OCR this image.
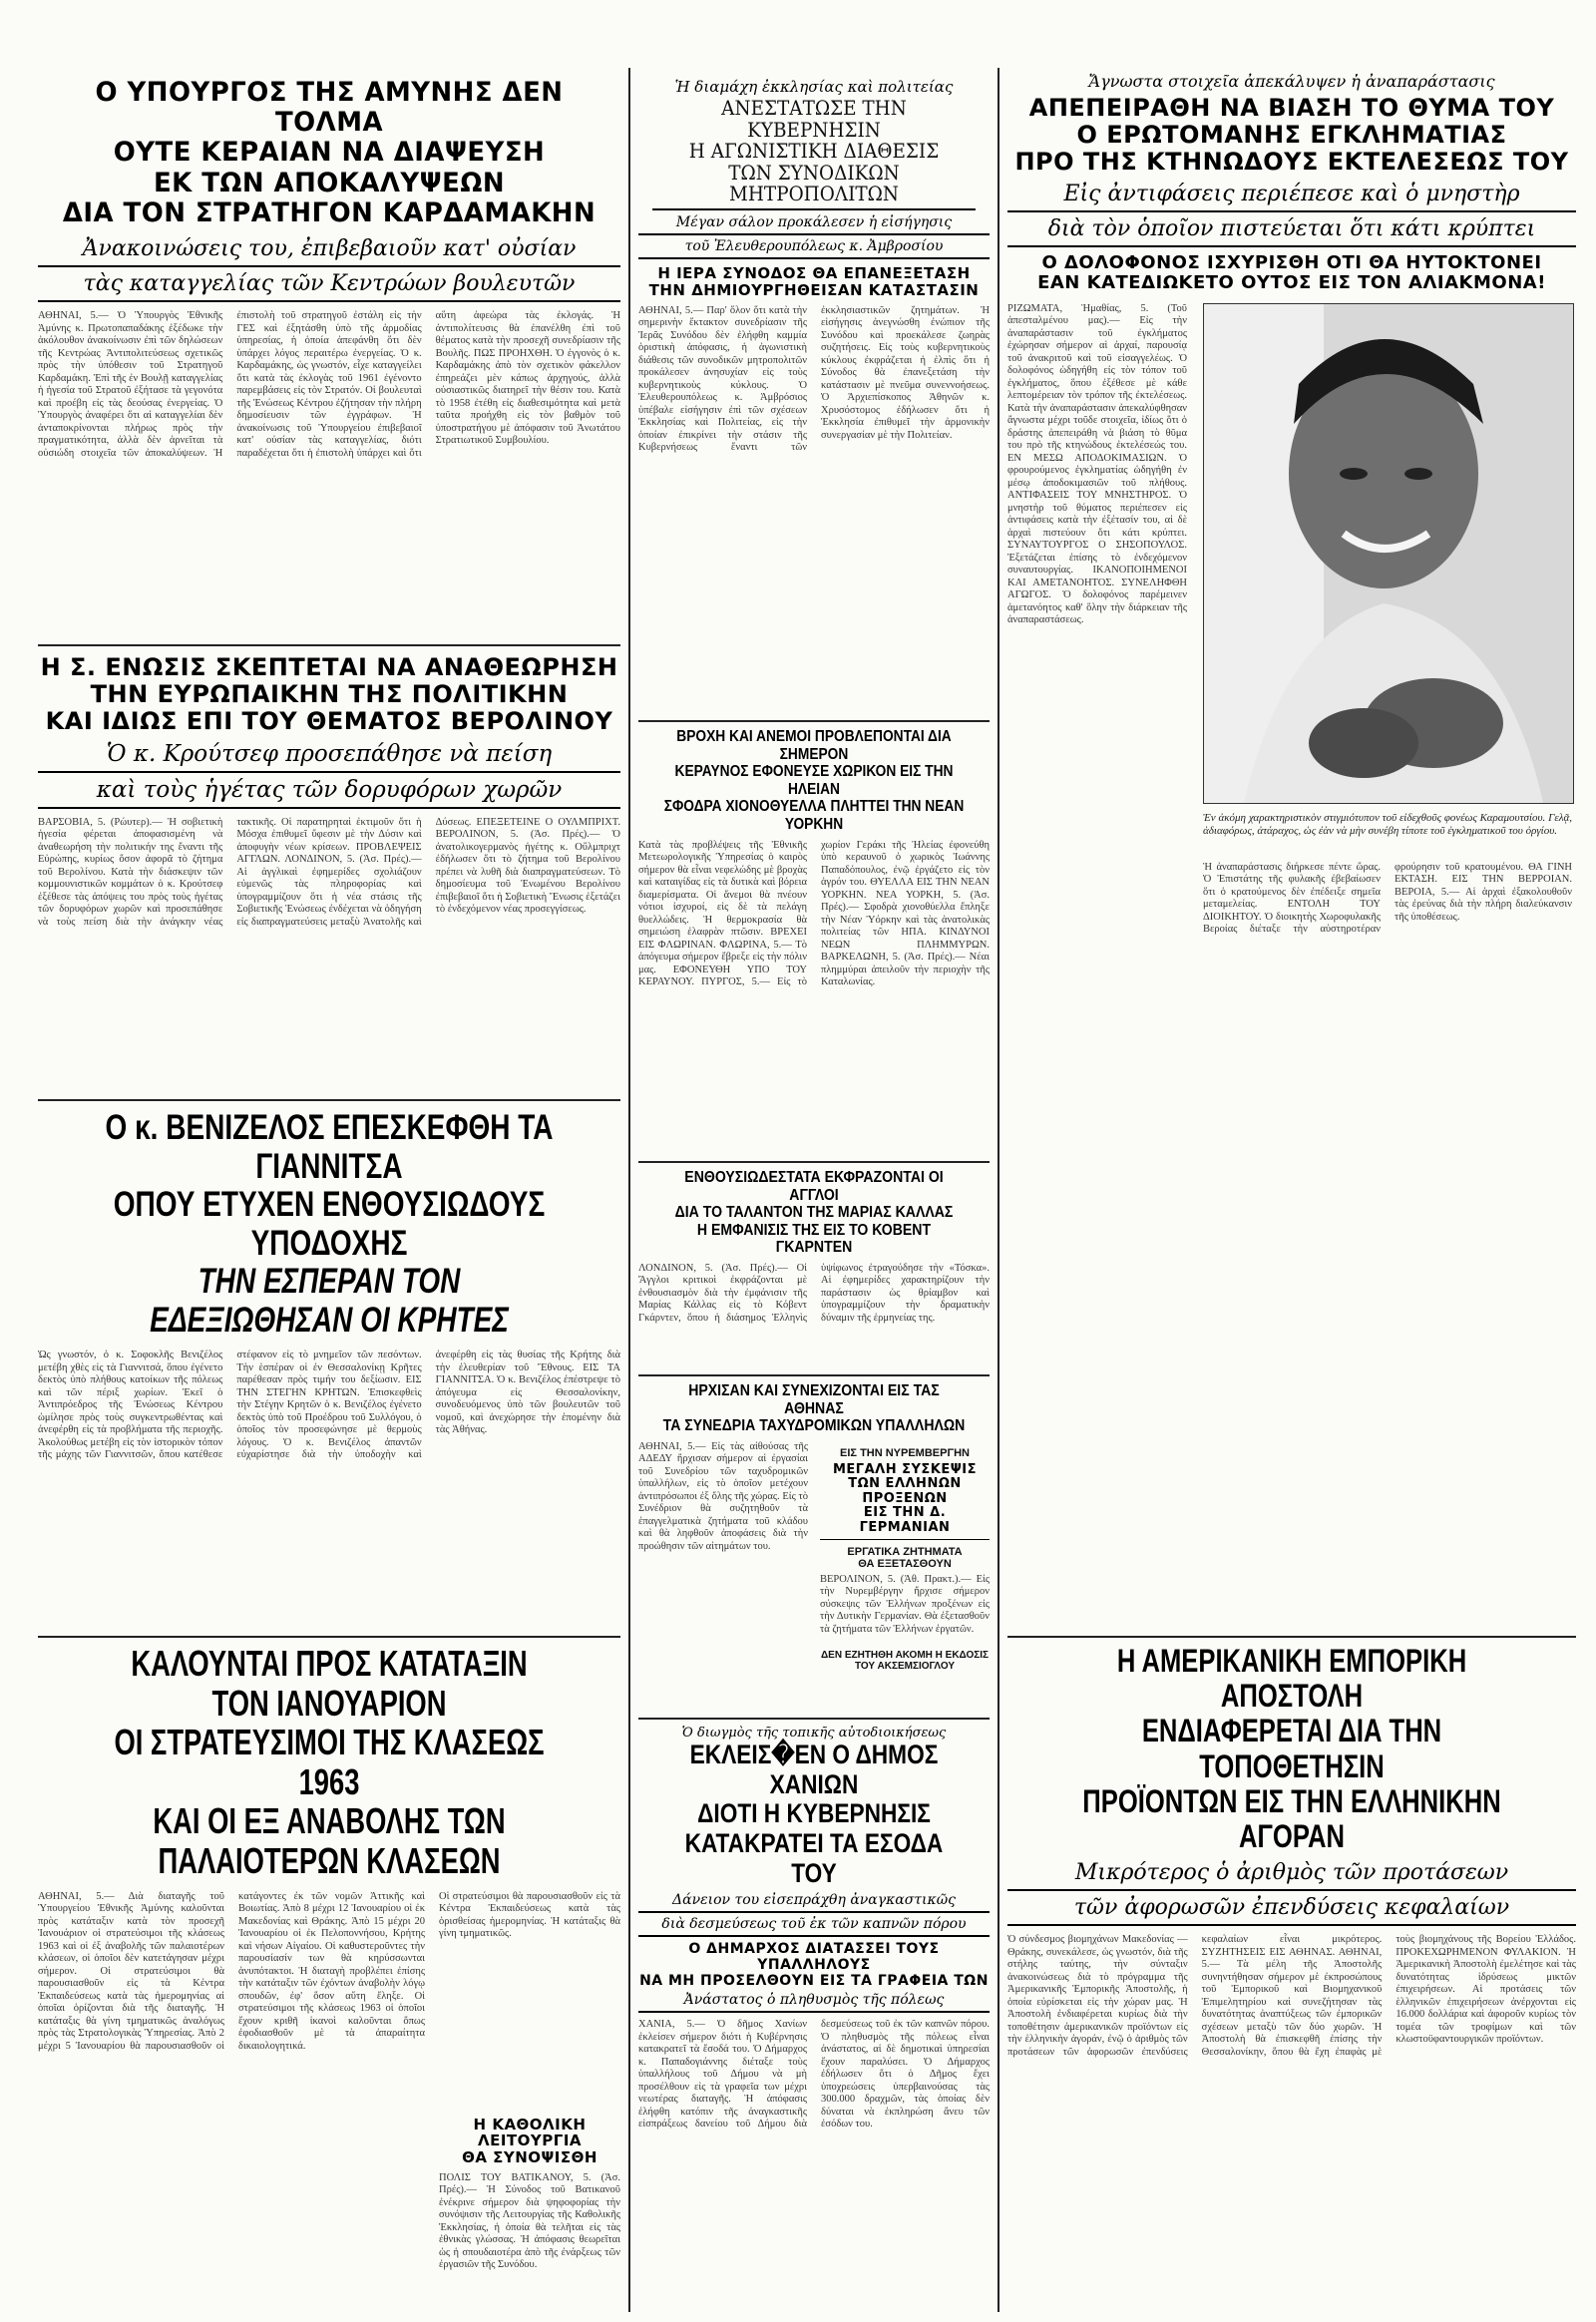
Ο ΥΠΟΥΡΓΟΣ ΤΗΣ ΑΜΥΝΗΣ ΔΕΝ ΤΟΛΜΑ
ΟΥΤΕ ΚΕΡΑΙΑΝ ΝΑ ΔΙΑΨΕΥΣΗ
ΕΚ ΤΩΝ ΑΠΟΚΑΛΥΨΕΩΝ
ΔΙΑ ΤΟΝ ΣΤΡΑΤΗΓΟΝ ΚΑΡΔΑΜΑΚΗΝ
Ἀνακοινώσεις του, ἐπιβεβαιοῦν κατ' οὐσίαν
τὰς καταγγελίας τῶν Κεντρώων βουλευτῶν
ΑΘΗΝΑΙ, 5.— Ὁ Ὑπουργὸς Ἐθνικῆς Ἀμύνης κ. Πρωτοπαπαδάκης ἐξέδωκε τὴν ἀκόλουθον ἀνακοίνωσιν ἐπὶ τῶν δηλώσεων τῆς Κεντρώας Ἀντιπολιτεύσεως σχετικῶς πρὸς τὴν ὑπόθεσιν τοῦ Στρατηγοῦ Καρδαμάκη. Ἐπὶ τῆς ἐν Βουλῇ καταγγελίας ἡ ἡγεσία τοῦ Στρατοῦ ἐξήτασε τὰ γεγονότα καὶ προέβη εἰς τὰς δεούσας ἐνεργείας. Ὁ Ὑπουργὸς ἀναφέρει ὅτι αἱ καταγγελίαι δὲν ἀνταποκρίνονται πλήρως πρὸς τὴν πραγματικότητα, ἀλλὰ δὲν ἀρνεῖται τὰ οὐσιώδη στοιχεῖα τῶν ἀποκαλύψεων. Ἡ ἐπιστολὴ τοῦ στρατηγοῦ ἐστάλη εἰς τὴν ΓΕΣ καὶ ἐξητάσθη ὑπὸ τῆς ἁρμοδίας ὑπηρεσίας, ἡ ὁποία ἀπεφάνθη ὅτι δὲν ὑπάρχει λόγος περαιτέρω ἐνεργείας. Ὁ κ. Καρδαμάκης, ὡς γνωστόν, εἶχε καταγγείλει ὅτι κατὰ τὰς ἐκλογὰς τοῦ 1961 ἐγένοντο παρεμβάσεις εἰς τὸν Στρατόν. Οἱ βουλευταὶ τῆς Ἐνώσεως Κέντρου ἐζήτησαν τὴν πλήρη δημοσίευσιν τῶν ἐγγράφων. Ἡ ἀνακοίνωσις τοῦ Ὑπουργείου ἐπιβεβαιοῖ κατ' οὐσίαν τὰς καταγγελίας, διότι παραδέχεται ὅτι ἡ ἐπιστολὴ ὑπάρχει καὶ ὅτι αὕτη ἀφεώρα τὰς ἐκλογάς. Ἡ ἀντιπολίτευσις θὰ ἐπανέλθη ἐπὶ τοῦ θέματος κατὰ τὴν προσεχῆ συνεδρίασιν τῆς Βουλῆς. ΠΩΣ ΠΡΟΗΧΘΗ. Ὁ ἐγγονὸς ὁ κ. Καρδαμάκης ἀπὸ τὸν σχετικὸν φάκελλον ἐπηρεάζει μὲν κάπως ἀρχηγούς, ἀλλὰ οὐσιαστικῶς διατηρεῖ τὴν θέσιν του. Κατὰ τὸ 1958 ἐτέθη εἰς διαθεσιμότητα καὶ μετὰ ταῦτα προήχθη εἰς τὸν βαθμὸν τοῦ ὑποστρατήγου μὲ ἀπόφασιν τοῦ Ἀνωτάτου Στρατιωτικοῦ Συμβουλίου.
Η Σ. ΕΝΩΣΙΣ ΣΚΕΠΤΕΤΑΙ ΝΑ ΑΝΑΘΕΩΡΗΣΗ
ΤΗΝ ΕΥΡΩΠΑΙΚΗΝ ΤΗΣ ΠΟΛΙΤΙΚΗΝ
ΚΑΙ ΙΔΙΩΣ ΕΠΙ ΤΟΥ ΘΕΜΑΤΟΣ ΒΕΡΟΛΙΝΟΥ
Ὁ κ. Κρούτσεφ προσεπάθησε νὰ πείση
καὶ τοὺς ἡγέτας τῶν δορυφόρων χωρῶν
ΒΑΡΣΟΒΙΑ, 5. (Ρώυτερ).— Ἡ σοβιετικὴ ἡγεσία φέρεται ἀποφασισμένη νὰ ἀναθεωρήση τὴν πολιτικήν της ἔναντι τῆς Εὐρώπης, κυρίως ὅσον ἀφορᾶ τὸ ζήτημα τοῦ Βερολίνου. Κατὰ τὴν διάσκεψιν τῶν κομμουνιστικῶν κομμάτων ὁ κ. Κρούτσεφ ἐξέθεσε τὰς ἀπόψεις του πρὸς τοὺς ἡγέτας τῶν δορυφόρων χωρῶν καὶ προσεπάθησε νὰ τοὺς πείση διὰ τὴν ἀνάγκην νέας τακτικῆς. Οἱ παρατηρηταὶ ἐκτιμοῦν ὅτι ἡ Μόσχα ἐπιθυμεῖ ὕφεσιν μὲ τὴν Δύσιν καὶ ἀποφυγὴν νέων κρίσεων. ΠΡΟΒΛΕΨΕΙΣ ΑΓΓΛΩΝ. ΛΟΝΔΙΝΟΝ, 5. (Ἀσ. Πρές).— Αἱ ἀγγλικαὶ ἐφημερίδες σχολιάζουν εὐμενῶς τὰς πληροφορίας καὶ ὑπογραμμίζουν ὅτι ἡ νέα στάσις τῆς Σοβιετικῆς Ἑνώσεως ἐνδέχεται νὰ ὁδηγήση εἰς διαπραγματεύσεις μεταξὺ Ἀνατολῆς καὶ Δύσεως. ΕΠΕΞΕΤΕΙΝΕ Ο ΟΥΛΜΠΡΙΧΤ. ΒΕΡΟΛΙΝΟΝ, 5. (Ἀσ. Πρές).— Ὁ ἀνατολικογερμανὸς ἡγέτης κ. Οὔλμπριχτ ἐδήλωσεν ὅτι τὸ ζήτημα τοῦ Βερολίνου πρέπει νὰ λυθῆ διὰ διαπραγματεύσεων. Τὸ δημοσίευμα τοῦ Ἐνωμένου Βερολίνου ἐπιβεβαιοῖ ὅτι ἡ Σοβιετικὴ Ἕνωσις ἐξετάζει τὸ ἐνδεχόμενον νέας προσεγγίσεως.
Ο κ. ΒΕΝΙΖΕΛΟΣ ΕΠΕΣΚΕΦΘΗ ΤΑ ΓΙΑΝΝΙΤΣΑ
ΟΠΟΥ ΕΤΥΧΕΝ ΕΝΘΟΥΣΙΩΔΟΥΣ ΥΠΟΔΟΧΗΣ
ΤΗΝ ΕΣΠΕΡΑΝ ΤΟΝ ΕΔΕΞΙΩΘΗΣΑΝ ΟΙ ΚΡΗΤΕΣ
Ὡς γνωστόν, ὁ κ. Σοφοκλῆς Βενιζέλος μετέβη χθὲς εἰς τὰ Γιαννιτσά, ὅπου ἐγένετο δεκτὸς ὑπὸ πλήθους κατοίκων τῆς πόλεως καὶ τῶν πέριξ χωρίων. Ἐκεῖ ὁ Ἀντιπρόεδρος τῆς Ἐνώσεως Κέντρου ὡμίλησε πρὸς τοὺς συγκεντρωθέντας καὶ ἀνεφέρθη εἰς τὰ προβλήματα τῆς περιοχῆς. Ἀκολούθως μετέβη εἰς τὸν ἱστορικὸν τόπον τῆς μάχης τῶν Γιαννιτσῶν, ὅπου κατέθεσε στέφανον εἰς τὸ μνημεῖον τῶν πεσόντων. Τὴν ἑσπέραν οἱ ἐν Θεσσαλονίκῃ Κρῆτες παρέθεσαν πρὸς τιμήν του δεξίωσιν. ΕΙΣ ΤΗΝ ΣΤΕΓΗΝ ΚΡΗΤΩΝ. Ἐπισκεφθεὶς τὴν Στέγην Κρητῶν ὁ κ. Βενιζέλος ἐγένετο δεκτὸς ὑπὸ τοῦ Προέδρου τοῦ Συλλόγου, ὁ ὁποῖος τὸν προσεφώνησε μὲ θερμοὺς λόγους. Ὁ κ. Βενιζέλος ἀπαντῶν εὐχαρίστησε διὰ τὴν ὑποδοχὴν καὶ ἀνεφέρθη εἰς τὰς θυσίας τῆς Κρήτης διὰ τὴν ἐλευθερίαν τοῦ Ἔθνους. ΕΙΣ ΤΑ ΓΙΑΝΝΙΤΣΑ. Ὁ κ. Βενιζέλος ἐπέστρεψε τὸ ἀπόγευμα εἰς Θεσσαλονίκην, συνοδευόμενος ὑπὸ τῶν βουλευτῶν τοῦ νομοῦ, καὶ ἀνεχώρησε τὴν ἑπομένην διὰ τὰς Ἀθήνας.
ΚΑΛΟΥΝΤΑΙ ΠΡΟΣ ΚΑΤΑΤΑΞΙΝ ΤΟΝ ΙΑΝΟΥΑΡΙΟΝ
ΟΙ ΣΤΡΑΤΕΥΣΙΜΟΙ ΤΗΣ ΚΛΑΣΕΩΣ 1963
ΚΑΙ ΟΙ ΕΞ ΑΝΑΒΟΛΗΣ ΤΩΝ ΠΑΛΑΙΟΤΕΡΩΝ ΚΛΑΣΕΩΝ
ΑΘΗΝΑΙ, 5.— Διὰ διαταγῆς τοῦ Ὑπουργείου Ἐθνικῆς Ἀμύνης καλοῦνται πρὸς κατάταξιν κατὰ τὸν προσεχῆ Ἰανουάριον οἱ στρατεύσιμοι τῆς κλάσεως 1963 καὶ οἱ ἐξ ἀναβολῆς τῶν παλαιοτέρων κλάσεων, οἱ ὁποῖοι δὲν κατετάγησαν μέχρι σήμερον. Οἱ στρατεύσιμοι θὰ παρουσιασθοῦν εἰς τὰ Κέντρα Ἐκπαιδεύσεως κατὰ τὰς ἡμερομηνίας αἱ ὁποῖαι ὁρίζονται διὰ τῆς διαταγῆς. Ἡ κατάταξις θὰ γίνη τμηματικῶς ἀναλόγως πρὸς τὰς Στρατολογικὰς Ὑπηρεσίας. Ἀπὸ 2 μέχρι 5 Ἰανουαρίου θὰ παρουσιασθοῦν οἱ κατάγοντες ἐκ τῶν νομῶν Ἀττικῆς καὶ Βοιωτίας. Ἀπὸ 8 μέχρι 12 Ἰανουαρίου οἱ ἐκ Μακεδονίας καὶ Θράκης. Ἀπὸ 15 μέχρι 20 Ἰανουαρίου οἱ ἐκ Πελοποννήσου, Κρήτης καὶ νήσων Αἰγαίου. Οἱ καθυστεροῦντες τὴν παρουσίασίν των θὰ κηρύσσωνται ἀνυπότακτοι. Ἡ διαταγὴ προβλέπει ἐπίσης τὴν κατάταξιν τῶν ἐχόντων ἀναβολὴν λόγῳ σπουδῶν, ἐφ' ὅσον αὕτη ἔληξε. Οἱ στρατεύσιμοι τῆς κλάσεως 1963 οἱ ὁποῖοι ἔχουν κριθῆ ἱκανοὶ καλοῦνται ὅπως ἐφοδιασθοῦν μὲ τὰ ἀπαραίτητα δικαιολογητικά.
Οἱ στρατεύσιμοι θὰ παρουσιασθοῦν εἰς τὰ Κέντρα Ἐκπαιδεύσεως κατὰ τὰς ὁρισθείσας ἡμερομηνίας. Ἡ κατάταξις θὰ γίνη τμηματικῶς.
Η ΚΑΘΟΛΙΚΗ
ΛΕΙΤΟΥΡΓΙΑ
ΘΑ ΣΥΝΟΨΙΣΘΗ
ΠΟΛΙΣ ΤΟΥ ΒΑΤΙΚΑΝΟΥ, 5. (Ἀσ. Πρές).— Ἡ Σύνοδος τοῦ Βατικανοῦ ἐνέκρινε σήμερον διὰ ψηφοφορίας τὴν συνόψισιν τῆς Λειτουργίας τῆς Καθολικῆς Ἐκκλησίας, ἡ ὁποία θὰ τελῆται εἰς τὰς ἐθνικὰς γλώσσας. Ἡ ἀπόφασις θεωρεῖται ὡς ἡ σπουδαιοτέρα ἀπὸ τῆς ἐνάρξεως τῶν ἐργασιῶν τῆς Συνόδου.
Ἡ διαμάχη ἐκκλησίας καὶ πολιτείας
ΑΝΕΣΤΑΤΩΣΕ ΤΗΝ ΚΥΒΕΡΝΗΣΙΝ
Η ΑΓΩΝΙΣΤΙΚΗ ΔΙΑΘΕΣΙΣ
ΤΩΝ ΣΥΝΟΔΙΚΩΝ ΜΗΤΡΟΠΟΛΙΤΩΝ
Μέγαν σάλον προκάλεσεν ἡ εἰσήγησις
τοῦ Ἐλευθερουπόλεως κ. Ἀμβροσίου
Η ΙΕΡΑ ΣΥΝΟΔΟΣ ΘΑ ΕΠΑΝΕΞΕΤΑΣΗ
ΤΗΝ ΔΗΜΙΟΥΡΓΗΘΕΙΣΑΝ ΚΑΤΑΣΤΑΣΙΝ
ΑΘΗΝΑΙ, 5.— Παρ' ὅλον ὅτι κατὰ τὴν σημερινὴν ἔκτακτον συνεδρίασιν τῆς Ἱερᾶς Συνόδου δὲν ἐλήφθη καμμία ὁριστικὴ ἀπόφασις, ἡ ἀγωνιστικὴ διάθεσις τῶν συνοδικῶν μητροπολιτῶν προκάλεσεν ἀνησυχίαν εἰς τοὺς κυβερνητικοὺς κύκλους. Ὁ Ἐλευθερουπόλεως κ. Ἀμβρόσιος ὑπέβαλε εἰσήγησιν ἐπὶ τῶν σχέσεων Ἐκκλησίας καὶ Πολιτείας, εἰς τὴν ὁποίαν ἐπικρίνει τὴν στάσιν τῆς Κυβερνήσεως ἔναντι τῶν ἐκκλησιαστικῶν ζητημάτων. Ἡ εἰσήγησις ἀνεγνώσθη ἐνώπιον τῆς Συνόδου καὶ προεκάλεσε ζωηρὰς συζητήσεις. Εἰς τοὺς κυβερνητικοὺς κύκλους ἐκφράζεται ἡ ἐλπὶς ὅτι ἡ Σύνοδος θὰ ἐπανεξετάση τὴν κατάστασιν μὲ πνεῦμα συνεννοήσεως. Ὁ Ἀρχιεπίσκοπος Ἀθηνῶν κ. Χρυσόστομος ἐδήλωσεν ὅτι ἡ Ἐκκλησία ἐπιθυμεῖ τὴν ἀρμονικὴν συνεργασίαν μὲ τὴν Πολιτείαν.
ΒΡΟΧΗ ΚΑΙ ΑΝΕΜΟΙ ΠΡΟΒΛΕΠΟΝΤΑΙ ΔΙΑ ΣΗΜΕΡΟΝ
ΚΕΡΑΥΝΟΣ ΕΦΟΝΕΥΣΕ ΧΩΡΙΚΟΝ ΕΙΣ ΤΗΝ ΗΛΕΙΑΝ
ΣΦΟΔΡΑ ΧΙΟΝΟΘΥΕΛΛΑ ΠΛΗΤΤΕΙ ΤΗΝ ΝΕΑΝ ΥΟΡΚΗΝ
Κατὰ τὰς προβλέψεις τῆς Ἐθνικῆς Μετεωρολογικῆς Ὑπηρεσίας ὁ καιρὸς σήμερον θὰ εἶναι νεφελώδης μὲ βροχὰς καὶ καταιγίδας εἰς τὰ δυτικὰ καὶ βόρεια διαμερίσματα. Οἱ ἄνεμοι θὰ πνέουν νότιοι ἰσχυροί, εἰς δὲ τὰ πελάγη θυελλώδεις. Ἡ θερμοκρασία θὰ σημειώση ἐλαφρὰν πτῶσιν. ΒΡΕΧΕΙ ΕΙΣ ΦΛΩΡΙΝΑΝ. ΦΛΩΡΙΝΑ, 5.— Τὸ ἀπόγευμα σήμερον ἔβρεξε εἰς τὴν πόλιν μας. ΕΦΟΝΕΥΘΗ ΥΠΟ ΤΟΥ ΚΕΡΑΥΝΟΥ. ΠΥΡΓΟΣ, 5.— Εἰς τὸ χωρίον Γεράκι τῆς Ἠλείας ἐφονεύθη ὑπὸ κεραυνοῦ ὁ χωρικὸς Ἰωάννης Παπαδόπουλος, ἐνῷ ἐργάζετο εἰς τὸν ἀγρόν του. ΘΥΕΛΛΑ ΕΙΣ ΤΗΝ ΝΕΑΝ ΥΟΡΚΗΝ. ΝΕΑ ΥΟΡΚΗ, 5. (Ἀσ. Πρές).— Σφοδρὰ χιονοθύελλα ἔπληξε τὴν Νέαν Ὑόρκην καὶ τὰς ἀνατολικὰς πολιτείας τῶν ΗΠΑ. ΚΙΝΔΥΝΟΙ ΝΕΩΝ ΠΛΗΜΜΥΡΩΝ. ΒΑΡΚΕΛΩΝΗ, 5. (Ἀσ. Πρές).— Νέαι πλημμύραι ἀπειλοῦν τὴν περιοχὴν τῆς Καταλωνίας.
ΕΝΘΟΥΣΙΩΔΕΣΤΑΤΑ ΕΚΦΡΑΖΟΝΤΑΙ ΟΙ ΑΓΓΛΟΙ
ΔΙΑ ΤΟ ΤΑΛΑΝΤΟΝ ΤΗΣ ΜΑΡΙΑΣ ΚΑΛΛΑΣ
Η ΕΜΦΑΝΙΣΙΣ ΤΗΣ ΕΙΣ ΤΟ ΚΟΒΕΝΤ ΓΚΑΡΝΤΕΝ
ΛΟΝΔΙΝΟΝ, 5. (Ἀσ. Πρές).— Οἱ Ἄγγλοι κριτικοὶ ἐκφράζονται μὲ ἐνθουσιασμὸν διὰ τὴν ἐμφάνισιν τῆς Μαρίας Κάλλας εἰς τὸ Κόβεντ Γκάρντεν, ὅπου ἡ διάσημος Ἑλληνὶς ὑψίφωνος ἐτραγούδησε τὴν «Τόσκα». Αἱ ἐφημερίδες χαρακτηρίζουν τὴν παράστασιν ὡς θρίαμβον καὶ ὑπογραμμίζουν τὴν δραματικὴν δύναμιν τῆς ἑρμηνείας της.
ΗΡΧΙΣΑΝ ΚΑΙ ΣΥΝΕΧΙΖΟΝΤΑΙ ΕΙΣ ΤΑΣ ΑΘΗΝΑΣ
ΤΑ ΣΥΝΕΔΡΙΑ ΤΑΧΥΔΡΟΜΙΚΩΝ ΥΠΑΛΛΗΛΩΝ
ΑΘΗΝΑΙ, 5.— Εἰς τὰς αἰθούσας τῆς ΑΔΕΔΥ ἤρχισαν σήμερον αἱ ἐργασίαι τοῦ Συνεδρίου τῶν ταχυδρομικῶν ὑπαλλήλων, εἰς τὸ ὁποῖον μετέχουν ἀντιπρόσωποι ἐξ ὅλης τῆς χώρας. Εἰς τὸ Συνέδριον θὰ συζητηθοῦν τὰ ἐπαγγελματικὰ ζητήματα τοῦ κλάδου καὶ θὰ ληφθοῦν ἀποφάσεις διὰ τὴν προώθησιν τῶν αἰτημάτων του.
ΕΙΣ ΤΗΝ ΝΥΡΕΜΒΕΡΓΗΝ
ΜΕΓΑΛΗ ΣΥΣΚΕΨΙΣ
ΤΩΝ ΕΛΛΗΝΩΝ
ΠΡΟΞΕΝΩΝ
ΕΙΣ ΤΗΝ Δ. ΓΕΡΜΑΝΙΑΝ
ΕΡΓΑΤΙΚΑ ΖΗΤΗΜΑΤΑ
ΘΑ ΕΞΕΤΑΣΘΟΥΝ
ΒΕΡΟΛΙΝΟΝ, 5. (Ἀθ. Πρακτ.).— Εἰς τὴν Νυρεμβέργην ἤρχισε σήμερον σύσκεψις τῶν Ἑλλήνων προξένων εἰς τὴν Δυτικὴν Γερμανίαν. Θὰ ἐξετασθοῦν τὰ ζητήματα τῶν Ἑλλήνων ἐργατῶν.
ΔΕΝ ΕΖΗΤΗΘΗ ΑΚΟΜΗ Η ΕΚΔΟΣΙΣ ΤΟΥ ΑΚΣΕΜΣΙΟΓΛΟΥ
Ὁ διωγμὸς τῆς τοπικῆς αὐτοδιοικήσεως
ΕΚΛΕΙΣ�ΕΝ Ο ΔΗΜΟΣ ΧΑΝΙΩΝ
ΔΙΟΤΙ Η ΚΥΒΕΡΝΗΣΙΣ
ΚΑΤΑΚΡΑΤΕΙ ΤΑ ΕΣΟΔΑ ΤΟΥ
Δάνειον του εἰσεπράχθη ἀναγκαστικῶς
διὰ δεσμεύσεως τοῦ ἐκ τῶν καπνῶν πόρου
Ο ΔΗΜΑΡΧΟΣ ΔΙΑΤΑΣΣΕΙ ΤΟΥΣ ΥΠΑΛΛΗΛΟΥΣ
ΝΑ ΜΗ ΠΡΟΣΕΛΘΟΥΝ ΕΙΣ ΤΑ ΓΡΑΦΕΙΑ ΤΩΝ
Ἀνάστατος ὁ πληθυσμὸς τῆς πόλεως
ΧΑΝΙΑ, 5.— Ὁ δῆμος Χανίων ἐκλείσεν σήμερον διότι ἡ Κυβέρνησις κατακρατεῖ τὰ ἔσοδά του. Ὁ Δήμαρχος κ. Παπαδογιάννης διέταξε τοὺς ὑπαλλήλους τοῦ Δήμου νὰ μὴ προσέλθουν εἰς τὰ γραφεῖα των μέχρι νεωτέρας διαταγῆς. Ἡ ἀπόφασις ἐλήφθη κατόπιν τῆς ἀναγκαστικῆς εἰσπράξεως δανείου τοῦ Δήμου διὰ δεσμεύσεως τοῦ ἐκ τῶν καπνῶν πόρου. Ὁ πληθυσμὸς τῆς πόλεως εἶναι ἀνάστατος, αἱ δὲ δημοτικαὶ ὑπηρεσίαι ἔχουν παραλύσει. Ὁ Δήμαρχος ἐδήλωσεν ὅτι ὁ Δῆμος ἔχει ὑποχρεώσεις ὑπερβαινούσας τὰς 300.000 δραχμῶν, τὰς ὁποίας δὲν δύναται νὰ ἐκπληρώση ἄνευ τῶν ἐσόδων του.
Ἄγνωστα στοιχεῖα ἀπεκάλυψεν ἡ ἀναπαράστασις
ΑΠΕΠΕΙΡΑΘΗ ΝΑ ΒΙΑΣΗ ΤΟ ΘΥΜΑ ΤΟΥ
Ο ΕΡΩΤΟΜΑΝΗΣ ΕΓΚΛΗΜΑΤΙΑΣ
ΠΡΟ ΤΗΣ ΚΤΗΝΩΔΟΥΣ ΕΚΤΕΛΕΣΕΩΣ ΤΟΥ
Εἰς ἀντιφάσεις περιέπεσε καὶ ὁ μνηστὴρ
διὰ τὸν ὁποῖον πιστεύεται ὅτι κάτι κρύπτει
Ο ΔΟΛΟΦΟΝΟΣ ΙΣΧΥΡΙΣΘΗ ΟΤΙ ΘΑ ΗΥΤΟΚΤΟΝΕΙ
ΕΑΝ ΚΑΤΕΔΙΩΚΕΤΟ ΟΥΤΟΣ ΕΙΣ ΤΟΝ ΑΛΙΑΚΜΟΝΑ!
ΡΙΖΩΜΑΤΑ, Ἡμαθίας, 5. (Τοῦ ἀπεσταλμένου μας).— Εἰς τὴν ἀναπαράστασιν τοῦ ἐγκλήματος ἐχώρησαν σήμερον αἱ ἀρχαί, παρουσίᾳ τοῦ ἀνακριτοῦ καὶ τοῦ εἰσαγγελέως. Ὁ δολοφόνος ὡδηγήθη εἰς τὸν τόπον τοῦ ἐγκλήματος, ὅπου ἐξέθεσε μὲ κάθε λεπτομέρειαν τὸν τρόπον τῆς ἐκτελέσεως. Κατὰ τὴν ἀναπαράστασιν ἀπεκαλύφθησαν ἄγνωστα μέχρι τοῦδε στοιχεῖα, ἰδίως ὅτι ὁ δράστης ἀπεπειράθη νὰ βιάση τὸ θῦμα του πρὸ τῆς κτηνώδους ἐκτελέσεώς του. ΕΝ ΜΕΣΩ ΑΠΟΔΟΚΙΜΑΣΙΩΝ. Ὁ φρουρούμενος ἐγκληματίας ὡδηγήθη ἐν μέσῳ ἀποδοκιμασιῶν τοῦ πλήθους. ΑΝΤΙΦΑΣΕΙΣ ΤΟΥ ΜΝΗΣΤΗΡΟΣ. Ὁ μνηστὴρ τοῦ θύματος περιέπεσεν εἰς ἀντιφάσεις κατὰ τὴν ἐξέτασίν του, αἱ δὲ ἀρχαὶ πιστεύουν ὅτι κάτι κρύπτει. ΣΥΝΑΥΤΟΥΡΓΟΣ Ο ΣΗΣΟΠΟΥΛΟΣ. Ἐξετάζεται ἐπίσης τὸ ἐνδεχόμενον συναυτουργίας. ΙΚΑΝΟΠΟΙΗΜΕΝΟΙ ΚΑΙ ΑΜΕΤΑΝΟΗΤΟΣ. ΣΥΝΕΛΗΦΘΗ ΑΓΩΓΟΣ. Ὁ δολοφόνος παρέμεινεν ἀμετανόητος καθ' ὅλην τὴν διάρκειαν τῆς ἀναπαραστάσεως.
Ἐν ἀκόμη χαρακτηριστικὸν στιγμιότυπον τοῦ εἰδεχθοῦς φονέως Καραμουτσίου. Γελᾷ, ἀδιαφόρως, ἀτάραχος, ὡς ἐὰν νὰ μὴν συνέβη τίποτε τοῦ ἐγκληματικοῦ του ὀργίου.
Ἡ ἀναπαράστασις διήρκεσε πέντε ὥρας. Ὁ Ἐπιστάτης τῆς φυλακῆς ἐβεβαίωσεν ὅτι ὁ κρατούμενος δὲν ἐπέδειξε σημεῖα μεταμελείας. ΕΝΤΟΛΗ ΤΟΥ ΔΙΟΙΚΗΤΟΥ. Ὁ διοικητὴς Χωροφυλακῆς Βεροίας διέταξε τὴν αὐστηροτέραν φρούρησιν τοῦ κρατουμένου. ΘΑ ΓΙΝΗ ΕΚΤΑΣΗ. ΕΙΣ ΤΗΝ ΒΕΡΡΟΙΑΝ. ΒΕΡΟΙΑ, 5.— Αἱ ἀρχαὶ ἐξακολουθοῦν τὰς ἐρεύνας διὰ τὴν πλήρη διαλεύκανσιν τῆς ὑποθέσεως.
Η ΑΜΕΡΙΚΑΝΙΚΗ ΕΜΠΟΡΙΚΗ ΑΠΟΣΤΟΛΗ
ΕΝΔΙΑΦΕΡΕΤΑΙ ΔΙΑ ΤΗΝ ΤΟΠΟΘΕΤΗΣΙΝ
ΠΡΟΪΟΝΤΩΝ ΕΙΣ ΤΗΝ ΕΛΛΗΝΙΚΗΝ ΑΓΟΡΑΝ
Μικρότερος ὁ ἀριθμὸς τῶν προτάσεων
τῶν ἀφορωσῶν ἐπενδύσεις κεφαλαίων
Ὁ σύνδεσμος βιομηχάνων Μακεδονίας — Θράκης, συνεκάλεσε, ὡς γνωστόν, διὰ τῆς στήλης ταύτης, τὴν σύνταξιν ἀνακοινώσεως διὰ τὸ πρόγραμμα τῆς Ἀμερικανικῆς Ἐμπορικῆς Ἀποστολῆς, ἡ ὁποία εὑρίσκεται εἰς τὴν χώραν μας. Ἡ Ἀποστολὴ ἐνδιαφέρεται κυρίως διὰ τὴν τοποθέτησιν ἀμερικανικῶν προϊόντων εἰς τὴν ἑλληνικὴν ἀγοράν, ἐνῷ ὁ ἀριθμὸς τῶν προτάσεων τῶν ἀφορωσῶν ἐπενδύσεις κεφαλαίων εἶναι μικρότερος. ΣΥΖΗΤΗΣΕΙΣ ΕΙΣ ΑΘΗΝΑΣ. ΑΘΗΝΑΙ, 5.— Τὰ μέλη τῆς Ἀποστολῆς συνηντήθησαν σήμερον μὲ ἐκπροσώπους τοῦ Ἐμπορικοῦ καὶ Βιομηχανικοῦ Ἐπιμελητηρίου καὶ συνεζήτησαν τὰς δυνατότητας ἀναπτύξεως τῶν ἐμπορικῶν σχέσεων μεταξὺ τῶν δύο χωρῶν. Ἡ Ἀποστολὴ θὰ ἐπισκεφθῆ ἐπίσης τὴν Θεσσαλονίκην, ὅπου θὰ ἔχη ἐπαφὰς μὲ τοὺς βιομηχάνους τῆς Βορείου Ἑλλάδος. ΠΡΟΚΕΧΩΡΗΜΕΝΟΝ ΦΥΛΑΚΙΟΝ. Ἡ Ἀμερικανικὴ Ἀποστολὴ ἐμελέτησε καὶ τὰς δυνατότητας ἱδρύσεως μικτῶν ἐπιχειρήσεων. Αἱ προτάσεις τῶν ἑλληνικῶν ἐπιχειρήσεων ἀνέρχονται εἰς 16.000 δολλάρια καὶ ἀφοροῦν κυρίως τὸν τομέα τῶν τροφίμων καὶ τῶν κλωστοϋφαντουργικῶν προϊόντων.
